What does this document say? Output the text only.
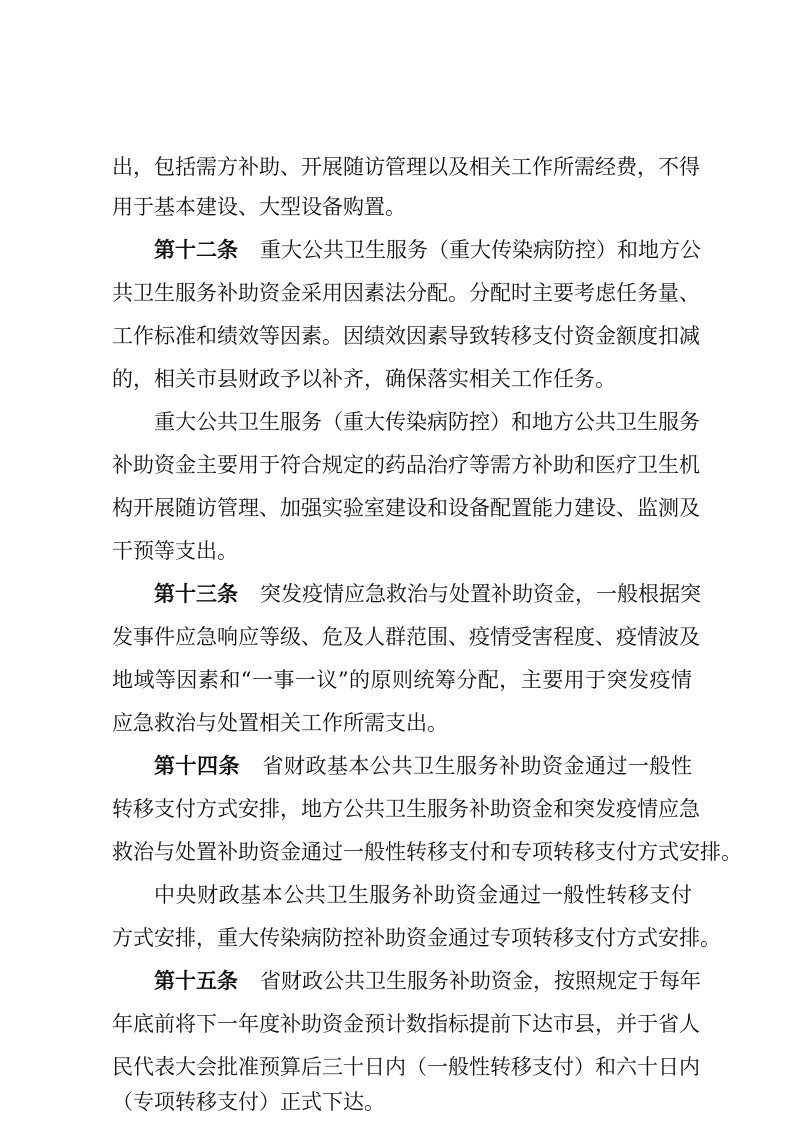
出，包括需方补助、开展随访管理以及相关工作所需经费，不得
用于基本建设、大型设备购置。
第十二条 重大公共卫生服务（重大传染病防控）和地方公
共卫生服务补助资金采用因素法分配。分配时主要考虑任务量、
工作标准和绩效等因素。因绩效因素导致转移支付资金额度扣减
的，相关市县财政予以补齐，确保落实相关工作任务。
重大公共卫生服务（重大传染病防控）和地方公共卫生服务
补助资金主要用于符合规定的药品治疗等需方补助和医疗卫生机
构开展随访管理、加强实验室建设和设备配置能力建设、监测及
干预等支出。
第十三条 突发疫情应急救治与处置补助资金，一般根据突
发事件应急响应等级、危及人群范围、疫情受害程度、疫情波及
地域等因素和“一事一议”的原则统筹分配，主要用于突发疫情
应急救治与处置相关工作所需支出。
第十四条 省财政基本公共卫生服务补助资金通过一般性
转移支付方式安排，地方公共卫生服务补助资金和突发疫情应急
救治与处置补助资金通过一般性转移支付和专项转移支付方式安排。
中央财政基本公共卫生服务补助资金通过一般性转移支付
方式安排，重大传染病防控补助资金通过专项转移支付方式安排。
第十五条 省财政公共卫生服务补助资金，按照规定于每年
年底前将下一年度补助资金预计数指标提前下达市县，并于省人
民代表大会批准预算后三十日内（一般性转移支付）和六十日内
（专项转移支付）正式下达。
